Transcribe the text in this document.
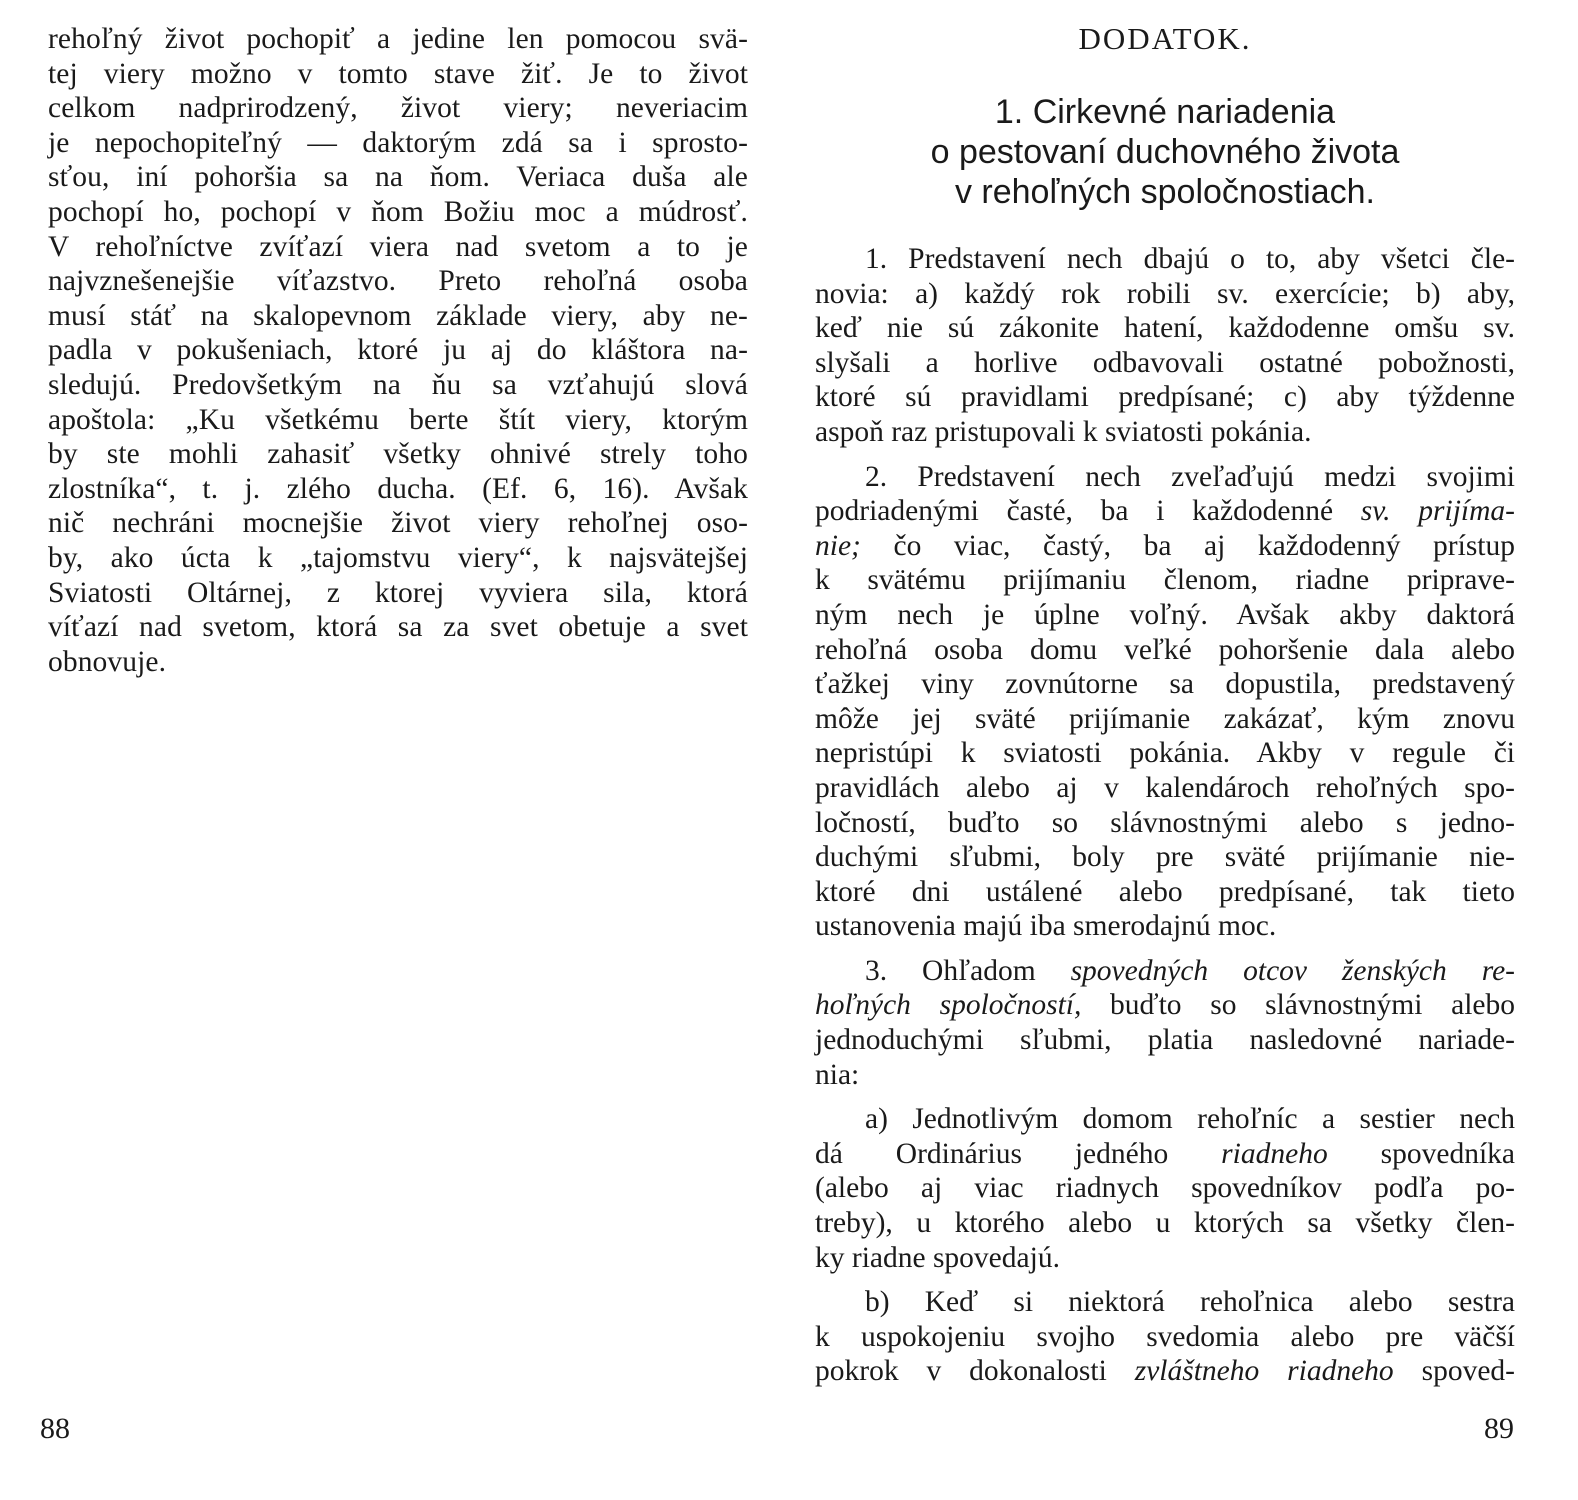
rehoľný život pochopiť a jedine len pomocou svä-
tej viery možno v tomto stave žiť. Je to život
celkom nadprirodzený, život viery; neveriacim
je nepochopiteľný — daktorým zdá sa i sprosto-
sťou, iní pohoršia sa na ňom. Veriaca duša ale
pochopí ho, pochopí v ňom Božiu moc a múdrosť.
V rehoľníctve zvíťazí viera nad svetom a to je
najvznešenejšie víťazstvo. Preto rehoľná osoba
musí stáť na skalopevnom základe viery, aby ne-
padla v pokušeniach, ktoré ju aj do kláštora na-
sledujú. Predovšetkým na ňu sa vzťahujú slová
apoštola: „Ku všetkému berte štít viery, ktorým
by ste mohli zahasiť všetky ohnivé strely toho
zlostníka“, t. j. zlého ducha. (Ef. 6, 16). Avšak
nič nechráni mocnejšie život viery rehoľnej oso-
by, ako úcta k „tajomstvu viery“, k najsvätejšej
Sviatosti Oltárnej, z ktorej vyviera sila, ktorá
víťazí nad svetom, ktorá sa za svet obetuje a svet
obnovuje.
88
DODATOK.
1. Cirkevné nariadenia
o pestovaní duchovného života
v rehoľných spoločnostiach.
1. Predstavení nech dbajú o to, aby všetci čle-
novia: a) každý rok robili sv. exercície; b) aby,
keď nie sú zákonite hatení, každodenne omšu sv.
slyšali a horlive odbavovali ostatné pobožnosti,
ktoré sú pravidlami predpísané; c) aby týždenne
aspoň raz pristupovali k sviatosti pokánia.
2. Predstavení nech zveľaďujú medzi svojimi
podriadenými časté, ba i každodenné sv. prijíma-
nie; čo viac, častý, ba aj každodenný prístup
k svätému prijímaniu členom, riadne priprave-
ným nech je úplne voľný. Avšak akby daktorá
rehoľná osoba domu veľké pohoršenie dala alebo
ťažkej viny zovnútorne sa dopustila, predstavený
môže jej sväté prijímanie zakázať, kým znovu
nepristúpi k sviatosti pokánia. Akby v regule či
pravidlách alebo aj v kalendároch rehoľných spo-
ločností, buďto so slávnostnými alebo s jedno-
duchými sľubmi, boly pre sväté prijímanie nie-
ktoré dni ustálené alebo predpísané, tak tieto
ustanovenia majú iba smerodajnú moc.
3. Ohľadom spovedných otcov ženských re-
hoľných spoločností, buďto so slávnostnými alebo
jednoduchými sľubmi, platia nasledovné nariade-
nia:
a) Jednotlivým domom rehoľníc a sestier nech
dá Ordinárius jedného riadneho spovedníka
(alebo aj viac riadnych spovedníkov podľa po-
treby), u ktorého alebo u ktorých sa všetky člen-
ky riadne spovedajú.
b) Keď si niektorá rehoľnica alebo sestra
k uspokojeniu svojho svedomia alebo pre väčší
pokrok v dokonalosti zvláštneho riadneho spoved-
89
